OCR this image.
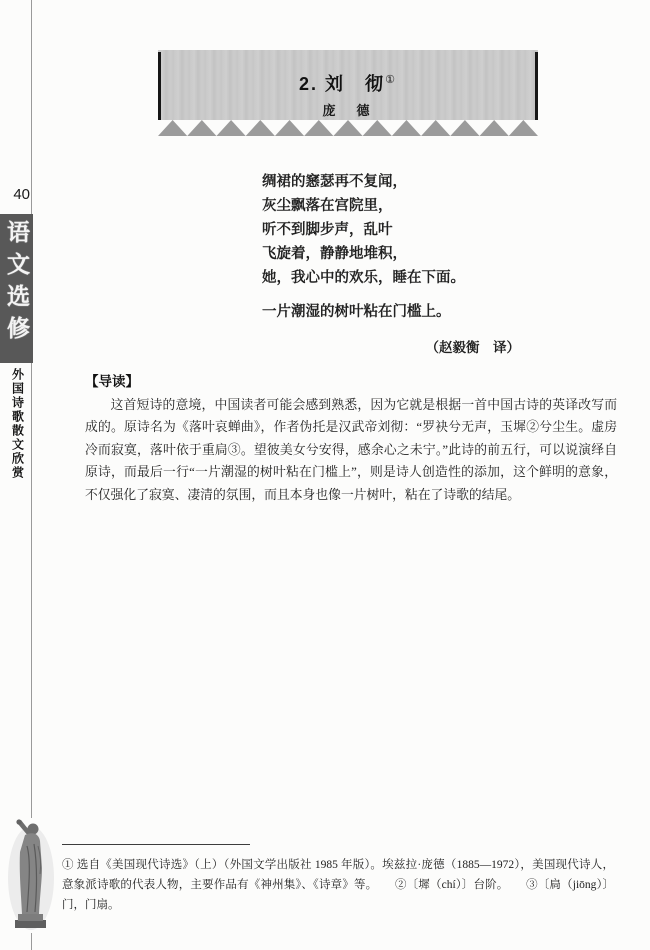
40
语文选修
外国诗歌散文欣赏
2. 刘　彻①
庞　德
绸裙的窸瑟再不复闻，
灰尘飘落在宫院里，
听不到脚步声，乱叶
飞旋着，静静地堆积，
她，我心中的欢乐，睡在下面。
一片潮湿的树叶粘在门槛上。
（赵毅衡　译）
【导读】
这首短诗的意境，中国读者可能会感到熟悉，因为它就是根据一首中国古诗的英译改写而成的。原诗名为《落叶哀蝉曲》，作者伪托是汉武帝刘彻：“罗袂兮无声，玉墀②兮尘生。虚房冷而寂寞，落叶依于重扃③。望彼美女兮安得，感余心之未宁。”此诗的前五行，可以说演绎自原诗，而最后一行“一片潮湿的树叶粘在门槛上”，则是诗人创造性的添加，这个鲜明的意象，不仅强化了寂寞、凄清的氛围，而且本身也像一片树叶，粘在了诗歌的结尾。
① 选自《美国现代诗选》（上）（外国文学出版社 1985 年版）。埃兹拉·庞德（1885—1972），美国现代诗人，意象派诗歌的代表人物，主要作品有《神州集》、《诗章》等。　　②〔墀（chí）〕台阶。　　③〔扃（jiōng）〕门，门扇。
